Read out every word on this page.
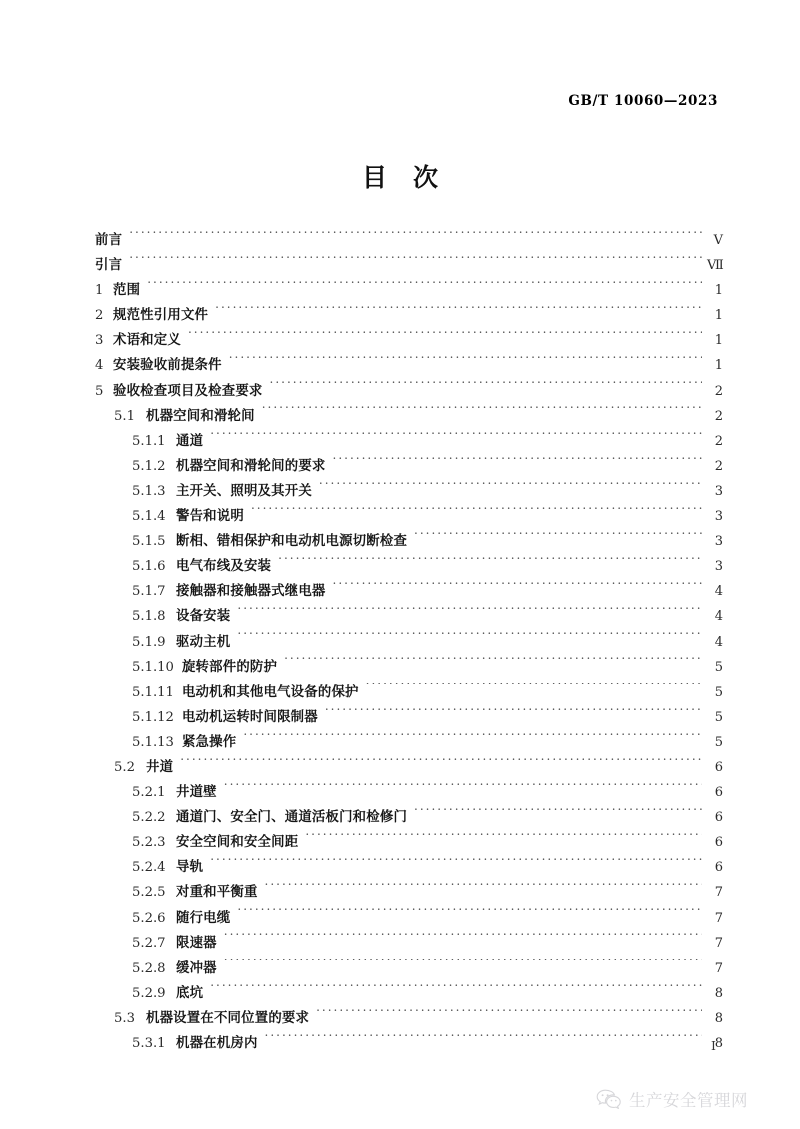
GB/T 10060—2023
目 次
前言 .....	Ⅴ
引言 .....	Ⅶ
1 范围 .....	1
2 规范性引用文件 .....	1
3 术语和定义 .....	1
4 安装验收前提条件 .....	1
5 验收检查项目及检查要求 .....	2
5.1 机器空间和滑轮间 .....	2
5.1.1 通道 .....	2
5.1.2 机器空间和滑轮间的要求 .....	2
5.1.3 主开关、照明及其开关 .....	3
5.1.4 警告和说明 .....	3
5.1.5 断相、错相保护和电动机电源切断检查 .....	3
5.1.6 电气布线及安装 .....	3
5.1.7 接触器和接触器式继电器 .....	4
5.1.8 设备安装 .....	4
5.1.9 驱动主机 .....	4
5.1.10 旋转部件的防护 .....	5
5.1.11 电动机和其他电气设备的保护 .....	5
5.1.12 电动机运转时间限制器 .....	5
5.1.13 紧急操作 .....	5
5.2 井道 .....	6
5.2.1 井道壁 .....	6
5.2.2 通道门、安全门、通道活板门和检修门 .....	6
5.2.3 安全空间和安全间距 .....	6
5.2.4 导轨 .....	6
5.2.5 对重和平衡重 .....	7
5.2.6 随行电缆 .....	7
5.2.7 限速器 .....	7
5.2.8 缓冲器 .....	7
5.2.9 底坑 .....	8
5.3 机器设置在不同位置的要求 .....	8
5.3.1 机器在机房内 .....	8
Ⅰ
生产安全管理网
